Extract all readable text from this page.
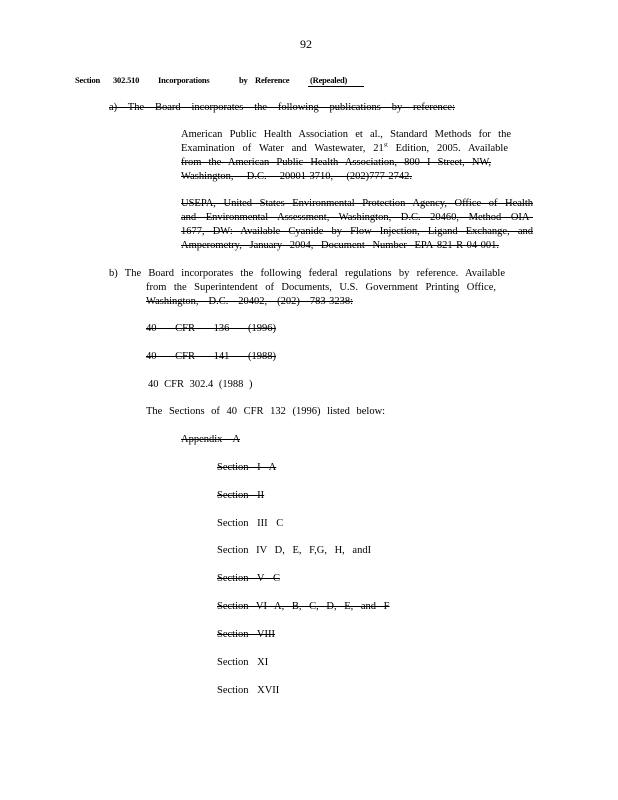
92
Section 302.510 Incorporations	by Reference (Repealed)
a) The Board incorporates the following publications by reference:
American Public Health Association et al., Standard Methods for the
Examination of Water and Wastewater, 21st Edition, 2005. Available
from the American Public Health Association, 800 I Street, NW,
Washington, D.C. 20001-3710, (202)777-2742.
USEPA, United States Environmental Protection Agency, Office of Health
and Environmental Assessment, Washington, D.C. 20460, Method OIA-
1677, DW: Available Cyanide by Flow Injection, Ligand Exchange, and
Amperometry, January 2004, Document Number EPA-821-R-04-001.
b) The Board incorporates the following federal regulations by reference. Available
from the Superintendent of Documents, U.S. Government Printing Office,
Washington, D.C. 20402, (202) 783-3238:
40 CFR 136 (1996)
40 CFR 141 (1988)
40 CFR 302.4 (1988 )
The Sections of 40 CFR 132 (1996) listed below:
Appendix A
Section I A
Section II
Section III C
Section IV D, E, F,G, H, andI
Section V C
Section VI A, B, C, D, E, and F
Section VIII
Section XI
Section XVII
